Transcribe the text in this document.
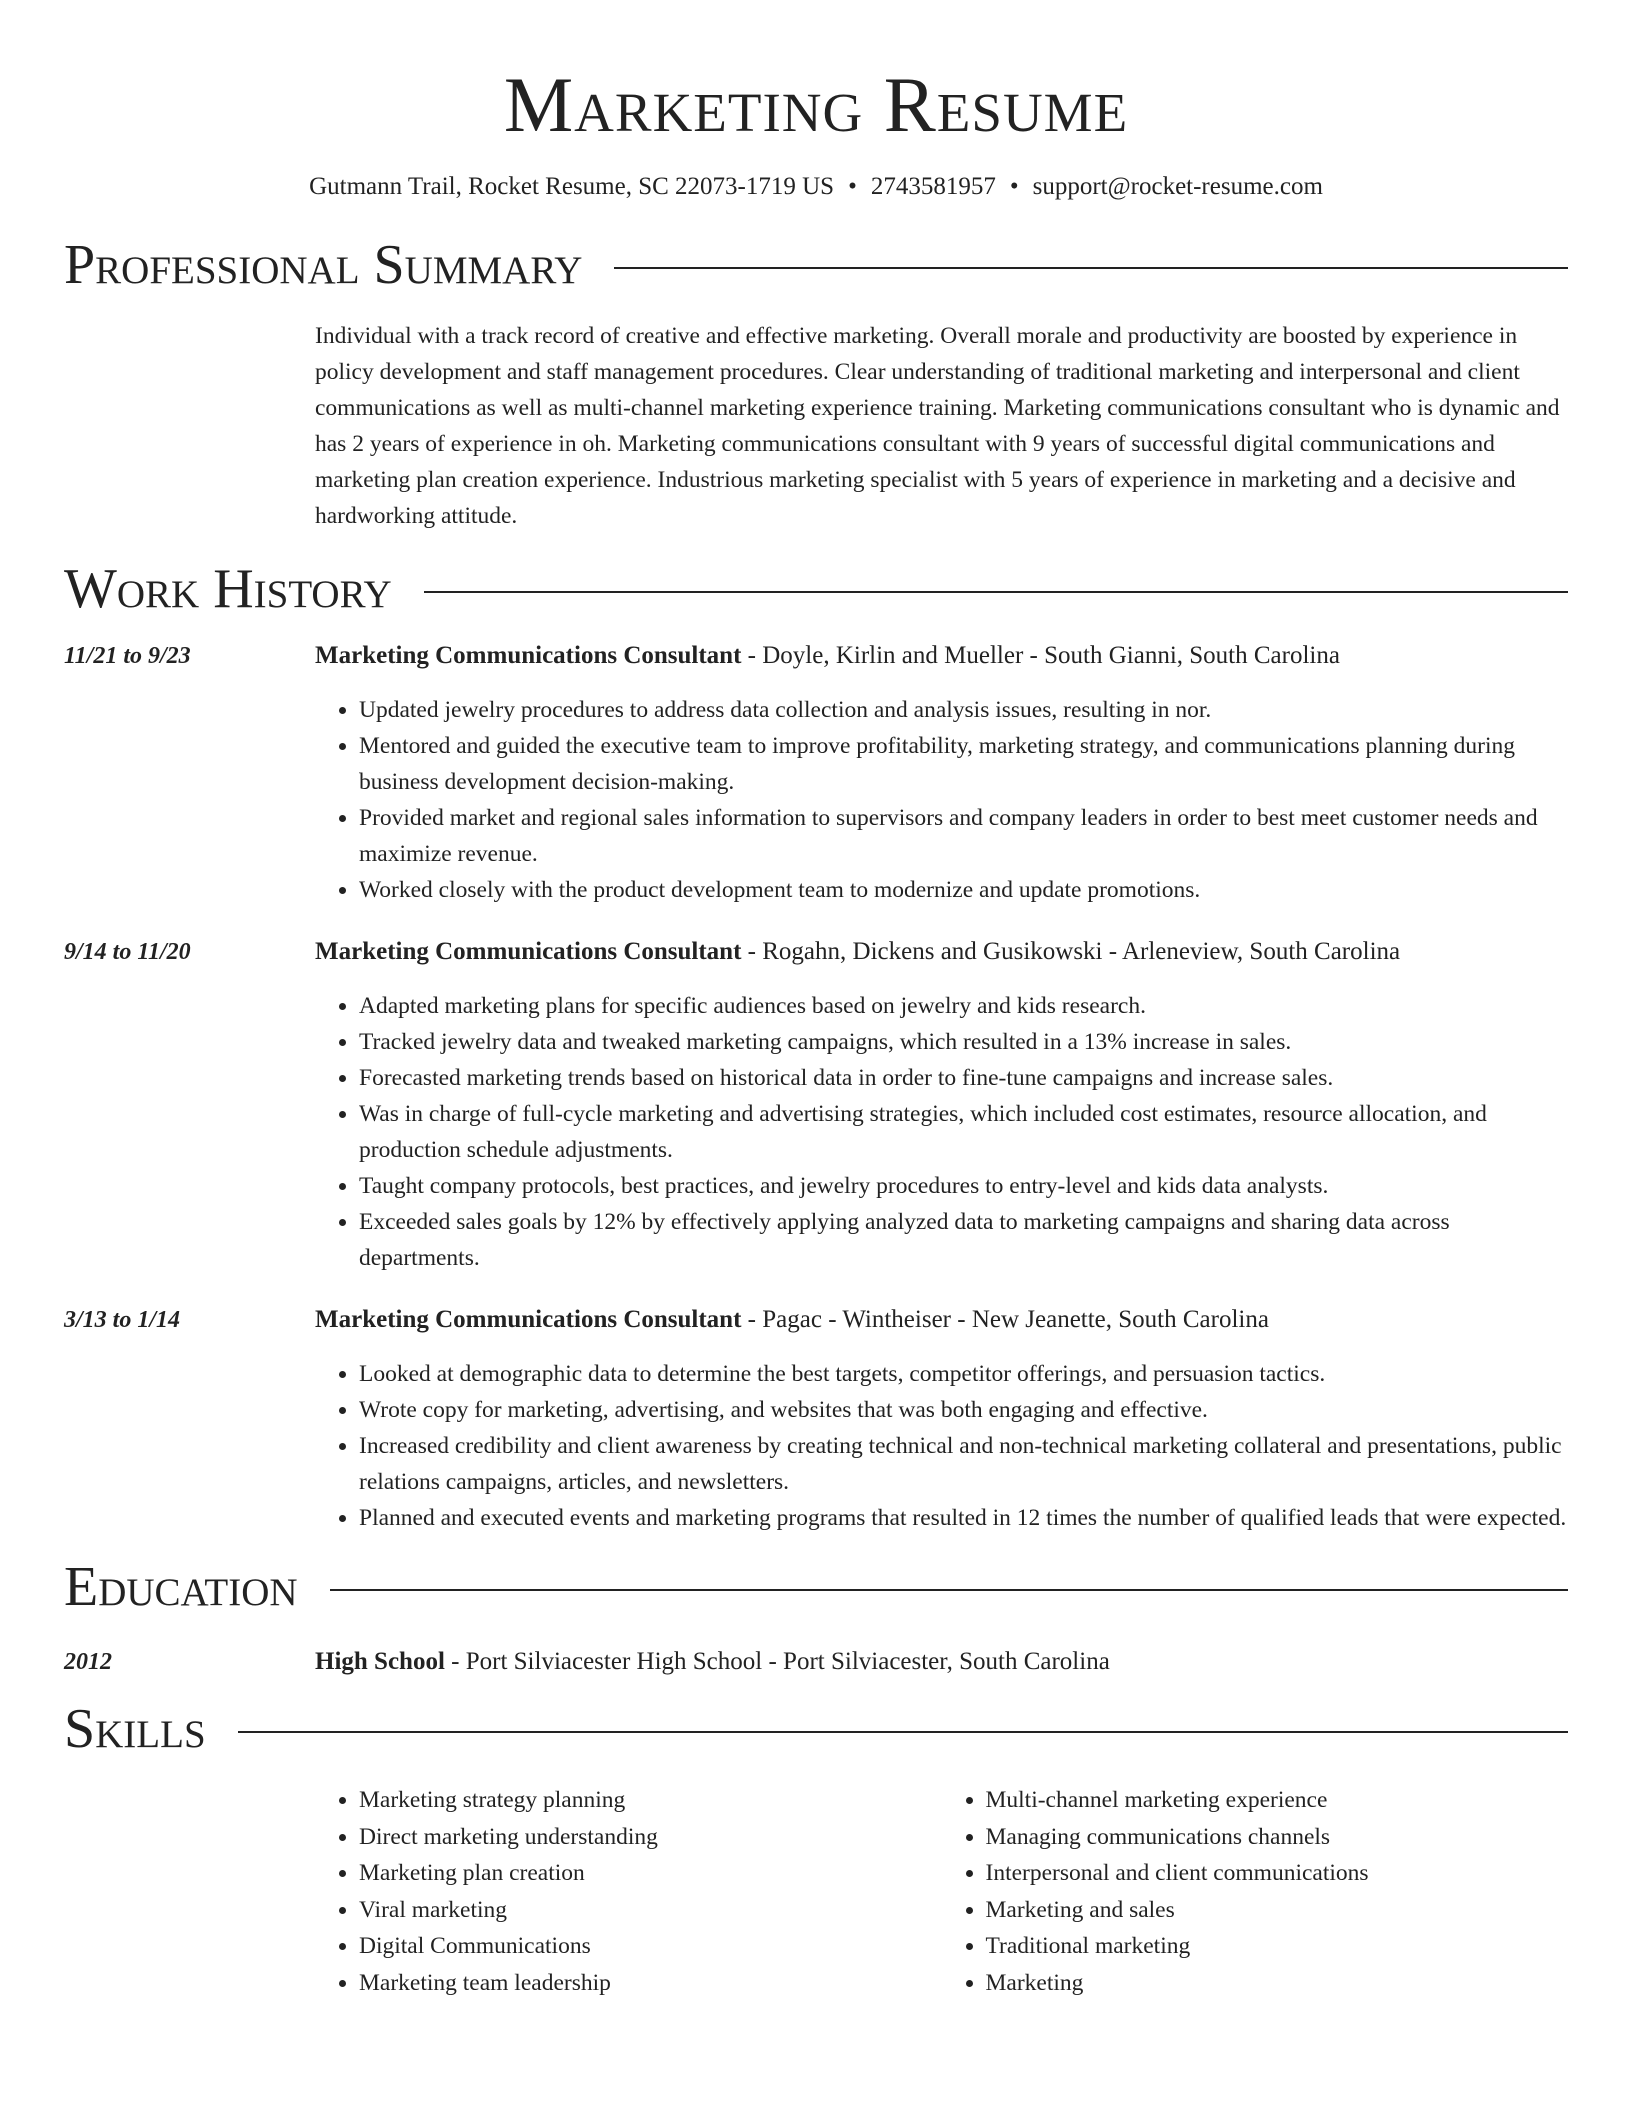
Marketing Resume
Gutmann Trail, Rocket Resume, SC 22073-1719 US • 2743581957 • support@rocket-resume.com
Professional Summary
Individual with a track record of creative and effective marketing. Overall morale and productivity are boosted by experience in policy development and staff management procedures. Clear understanding of traditional marketing and interpersonal and client communications as well as multi-channel marketing experience training. Marketing communications consultant who is dynamic and has 2 years of experience in oh. Marketing communications consultant with 9 years of successful digital communications and marketing plan creation experience. Industrious marketing specialist with 5 years of experience in marketing and a decisive and hardworking attitude.
Work History
11/21 to 9/23	Marketing Communications Consultant - Doyle, Kirlin and Mueller - South Gianni, South Carolina
• Updated jewelry procedures to address data collection and analysis issues, resulting in nor.
• Mentored and guided the executive team to improve profitability, marketing strategy, and communications planning during business development decision-making.
• Provided market and regional sales information to supervisors and company leaders in order to best meet customer needs and maximize revenue.
• Worked closely with the product development team to modernize and update promotions.
9/14 to 11/20	Marketing Communications Consultant - Rogahn, Dickens and Gusikowski - Arleneview, South Carolina
• Adapted marketing plans for specific audiences based on jewelry and kids research.
• Tracked jewelry data and tweaked marketing campaigns, which resulted in a 13% increase in sales.
• Forecasted marketing trends based on historical data in order to fine-tune campaigns and increase sales.
• Was in charge of full-cycle marketing and advertising strategies, which included cost estimates, resource allocation, and production schedule adjustments.
• Taught company protocols, best practices, and jewelry procedures to entry-level and kids data analysts.
• Exceeded sales goals by 12% by effectively applying analyzed data to marketing campaigns and sharing data across departments.
3/13 to 1/14	Marketing Communications Consultant - Pagac - Wintheiser - New Jeanette, South Carolina
• Looked at demographic data to determine the best targets, competitor offerings, and persuasion tactics.
• Wrote copy for marketing, advertising, and websites that was both engaging and effective.
• Increased credibility and client awareness by creating technical and non-technical marketing collateral and presentations, public relations campaigns, articles, and newsletters.
• Planned and executed events and marketing programs that resulted in 12 times the number of qualified leads that were expected.
Education
2012	High School - Port Silviacester High School - Port Silviacester, South Carolina
Skills
• Marketing strategy planning
• Direct marketing understanding
• Marketing plan creation
• Viral marketing
• Digital Communications
• Marketing team leadership
• Multi-channel marketing experience
• Managing communications channels
• Interpersonal and client communications
• Marketing and sales
• Traditional marketing
• Marketing
